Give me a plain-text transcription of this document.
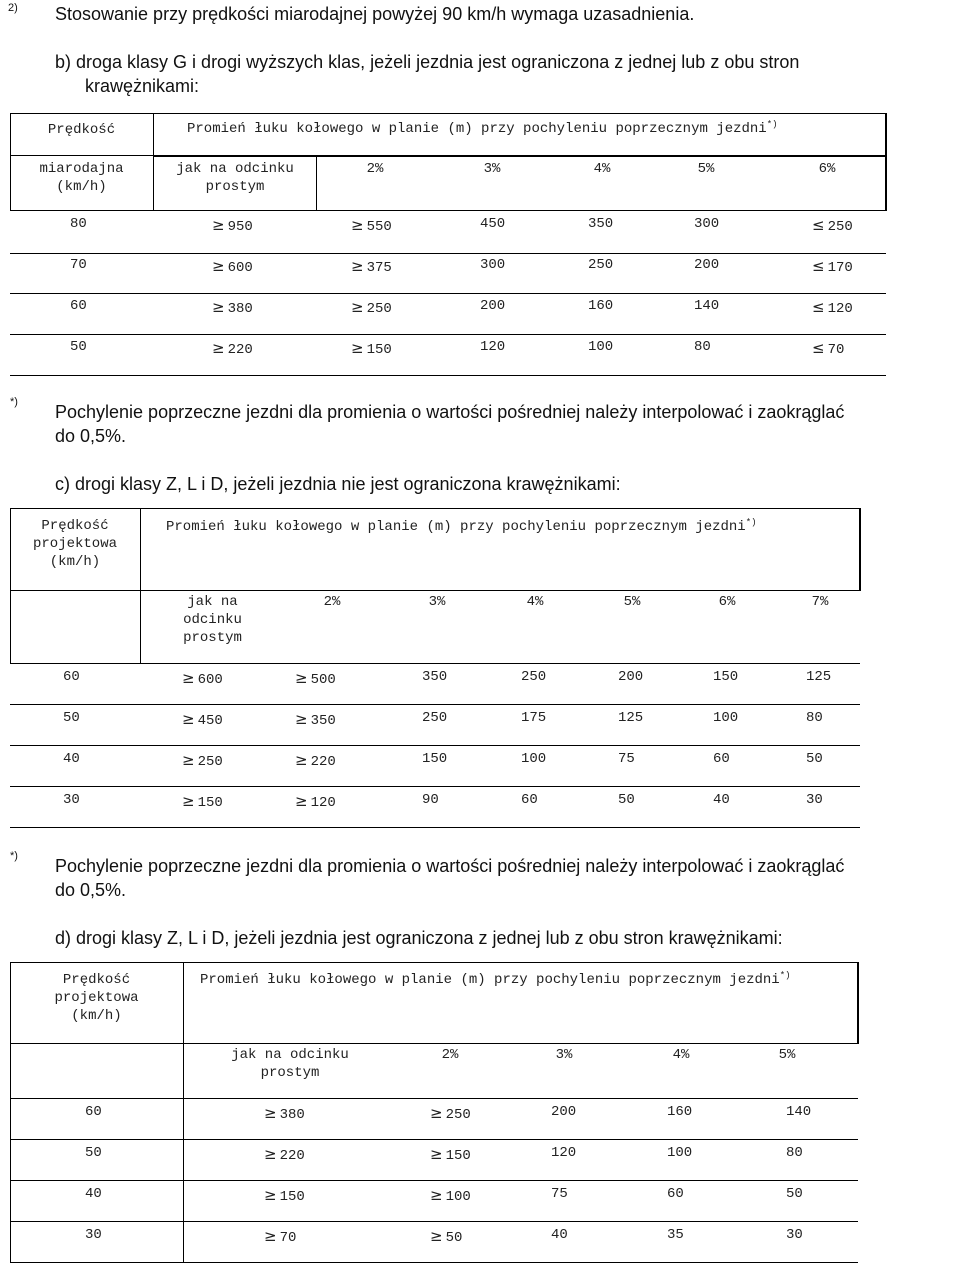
2) Stosowanie przy prędkości miarodajnej powyżej 90 km/h wymaga uzasadnienia.
b) droga klasy G i drogi wyższych klas, jeżeli jezdnia jest ograniczona z jednej lub z obu stron
krawężnikami:
Prędkość
miarodajna
(km/h)
Promień łuku kołowego w planie (m) przy pochyleniu poprzecznym jezdni*)
jak na odcinku
prostym
2%	3%	4%	5%	6%
80	≥ 950	≥ 550	450	350	300	≤ 250
70	≥ 600	≥ 375	300	250	200	≤ 170
60	≥ 380	≥ 250	200	160	140	≤ 120
50	≥ 220	≥ 150	120	100	80	≤ 70
*) Pochylenie poprzeczne jezdni dla promienia o wartości pośredniej należy interpolować i zaokrąglać
do 0,5%.
c) drogi klasy Z, L i D, jeżeli jezdnia nie jest ograniczona krawężnikami:
Prędkość
projektowa
(km/h)
Promień łuku kołowego w planie (m) przy pochyleniu poprzecznym jezdni*)
jak na
odcinku
prostym
2%	3%	4%	5%	6%	7%
60	≥ 600	≥ 500	350	250	200	150	125
50	≥ 450	≥ 350	250	175	125	100	80
40	≥ 250	≥ 220	150	100	75	60	50
30	≥ 150	≥ 120	90	60	50	40	30
*) Pochylenie poprzeczne jezdni dla promienia o wartości pośredniej należy interpolować i zaokrąglać
do 0,5%.
d) drogi klasy Z, L i D, jeżeli jezdnia jest ograniczona z jednej lub z obu stron krawężnikami:
Prędkość
projektowa
(km/h)
Promień łuku kołowego w planie (m) przy pochyleniu poprzecznym jezdni*)
jak na odcinku
prostym
2%	3%	4%	5%
60	≥ 380	≥ 250	200	160	140
50	≥ 220	≥ 150	120	100	80
40	≥ 150	≥ 100	75	60	50
30	≥ 70	≥ 50	40	35	30
